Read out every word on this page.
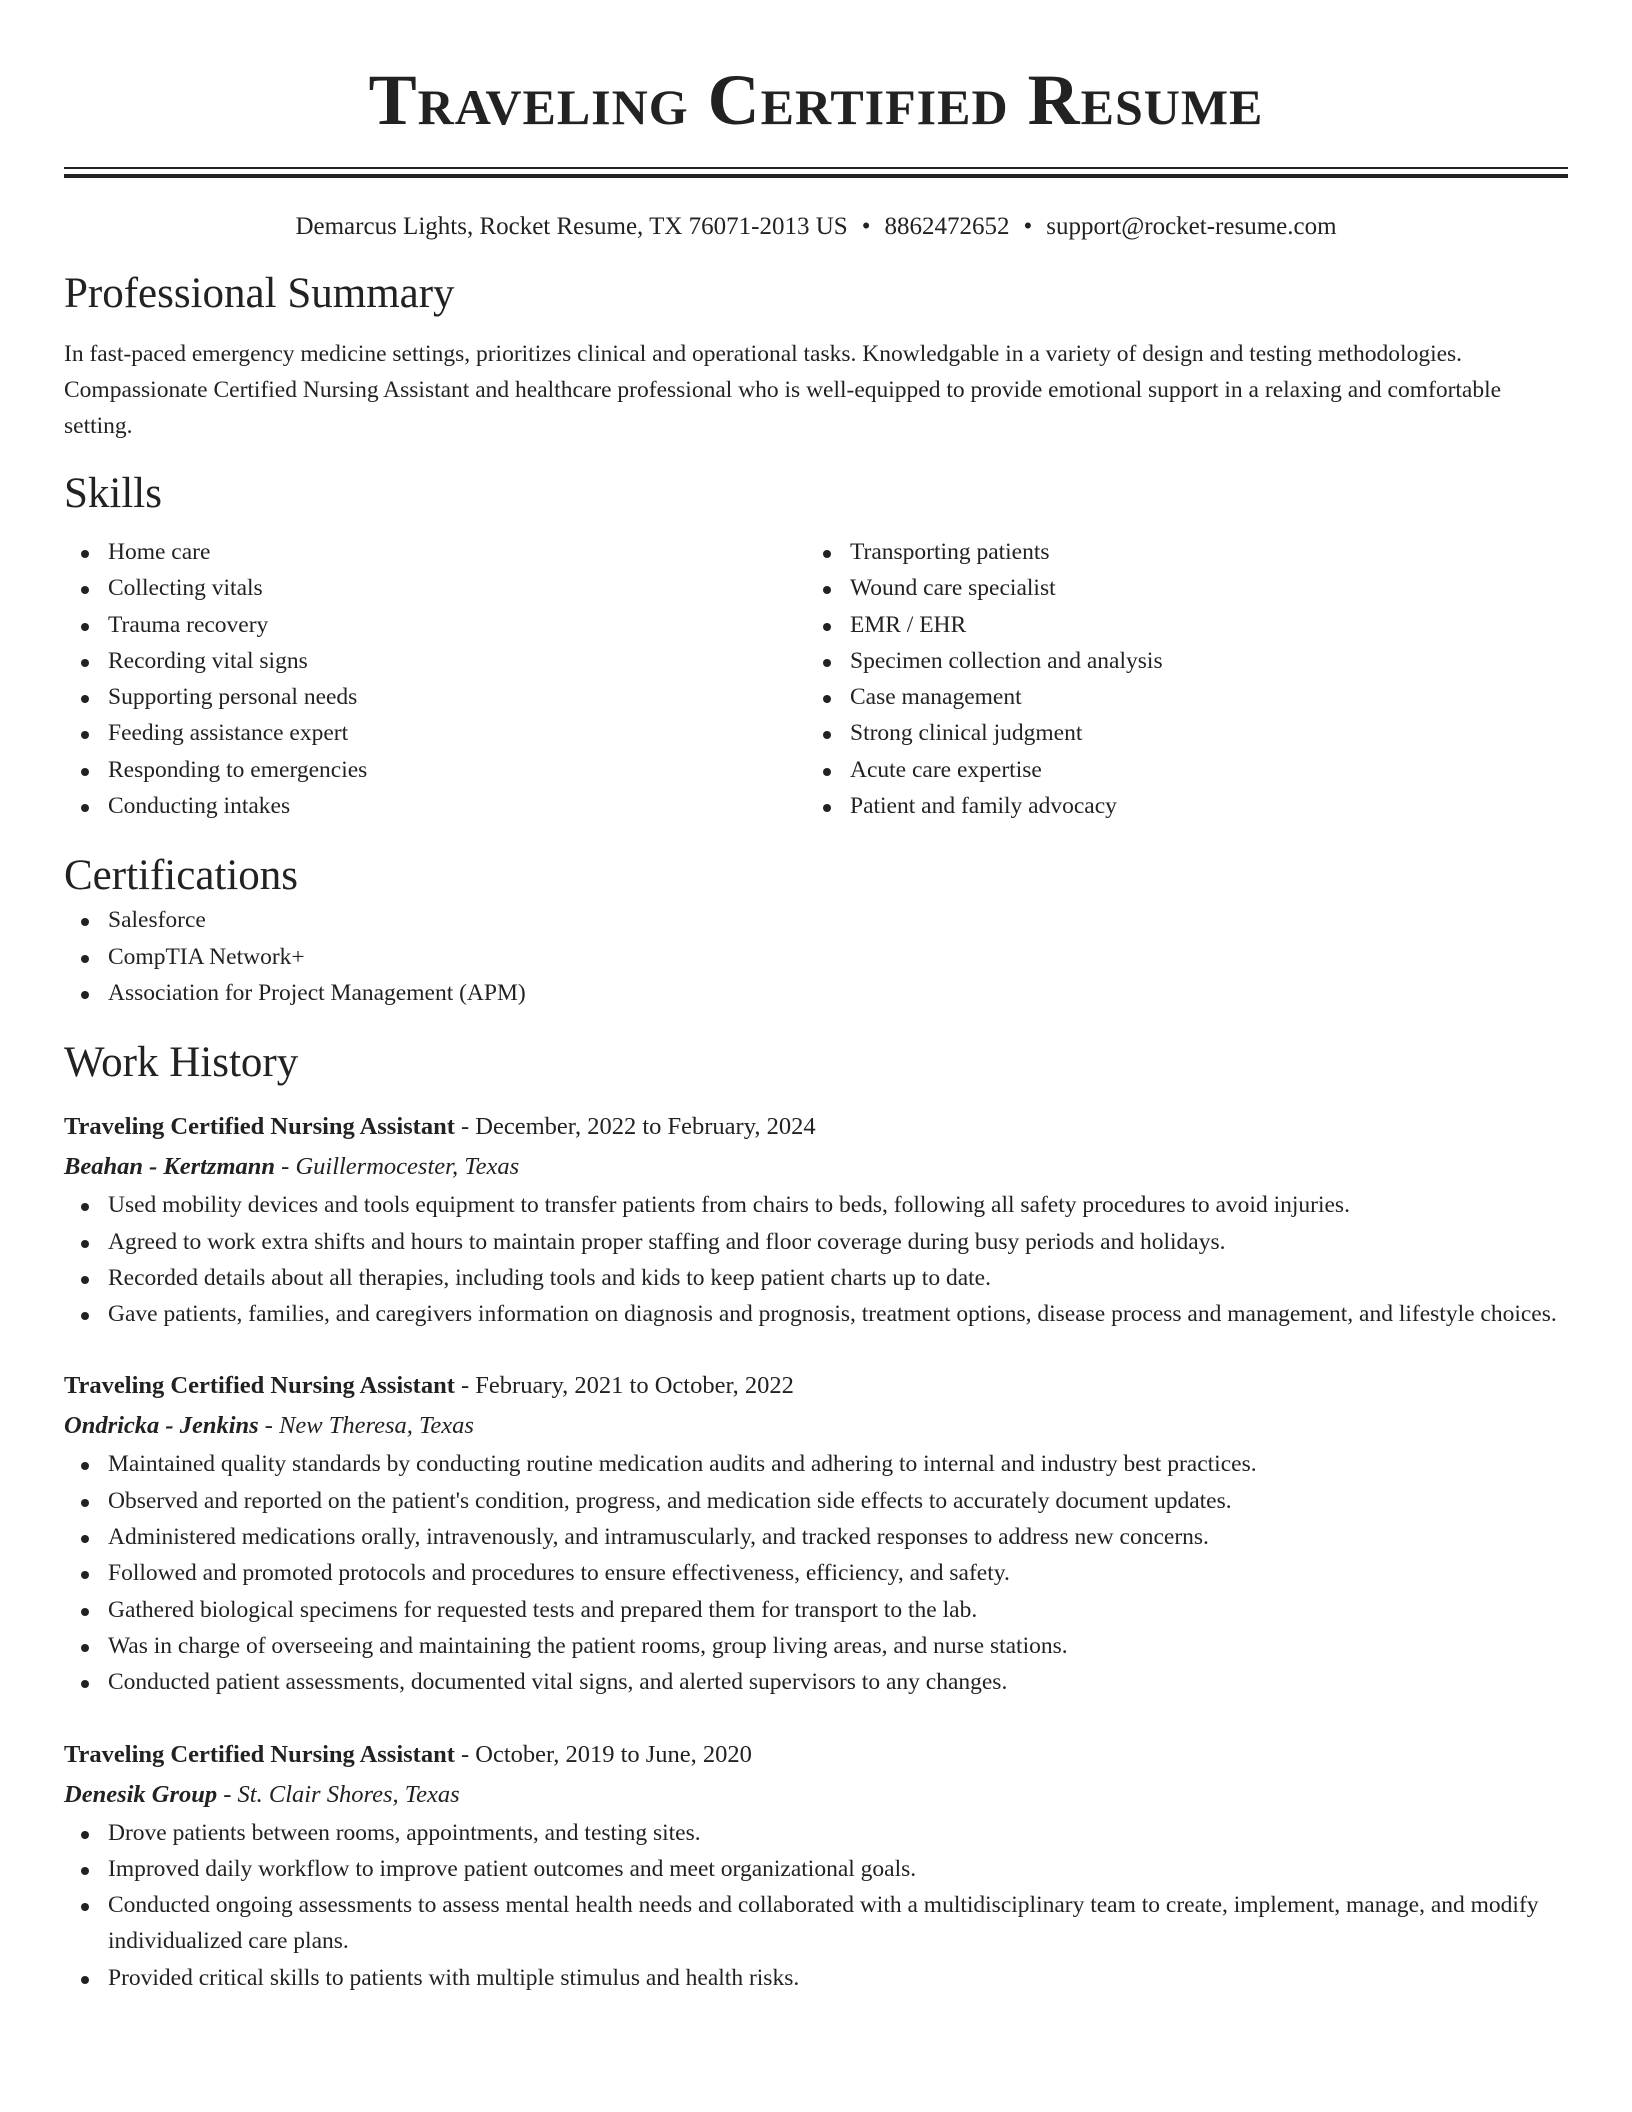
Traveling Certified Resume
Demarcus Lights, Rocket Resume, TX 76071-2013 US • 8862472652 • support@rocket-resume.com
Professional Summary

In fast-paced emergency medicine settings, prioritizes clinical and operational tasks. Knowledgable in a variety of design and testing methodologies. Compassionate Certified Nursing Assistant and healthcare professional who is well-equipped to provide emotional support in a relaxing and comfortable setting.

Skills
Home care
Collecting vitals
Trauma recovery
Recording vital signs
Supporting personal needs
Feeding assistance expert
Responding to emergencies
Conducting intakes
Transporting patients
Wound care specialist
EMR / EHR
Specimen collection and analysis
Case management
Strong clinical judgment
Acute care expertise
Patient and family advocacy
Certifications
Salesforce
CompTIA Network+
Association for Project Management (APM)
Work History
Traveling Certified Nursing Assistant - December, 2022 to February, 2024
Beahan - Kertzmann - Guillermocester, Texas
Used mobility devices and tools equipment to transfer patients from chairs to beds, following all safety procedures to avoid injuries.
Agreed to work extra shifts and hours to maintain proper staffing and floor coverage during busy periods and holidays.
Recorded details about all therapies, including tools and kids to keep patient charts up to date.
Gave patients, families, and caregivers information on diagnosis and prognosis, treatment options, disease process and management, and lifestyle choices.
Traveling Certified Nursing Assistant - February, 2021 to October, 2022
Ondricka - Jenkins - New Theresa, Texas
Maintained quality standards by conducting routine medication audits and adhering to internal and industry best practices.
Observed and reported on the patient's condition, progress, and medication side effects to accurately document updates.
Administered medications orally, intravenously, and intramuscularly, and tracked responses to address new concerns.
Followed and promoted protocols and procedures to ensure effectiveness, efficiency, and safety.
Gathered biological specimens for requested tests and prepared them for transport to the lab.
Was in charge of overseeing and maintaining the patient rooms, group living areas, and nurse stations.
Conducted patient assessments, documented vital signs, and alerted supervisors to any changes.
Traveling Certified Nursing Assistant - October, 2019 to June, 2020
Denesik Group - St. Clair Shores, Texas
Drove patients between rooms, appointments, and testing sites.
Improved daily workflow to improve patient outcomes and meet organizational goals.
Conducted ongoing assessments to assess mental health needs and collaborated with a multidisciplinary team to create, implement, manage, and modify individualized care plans.
Provided critical skills to patients with multiple stimulus and health risks.
